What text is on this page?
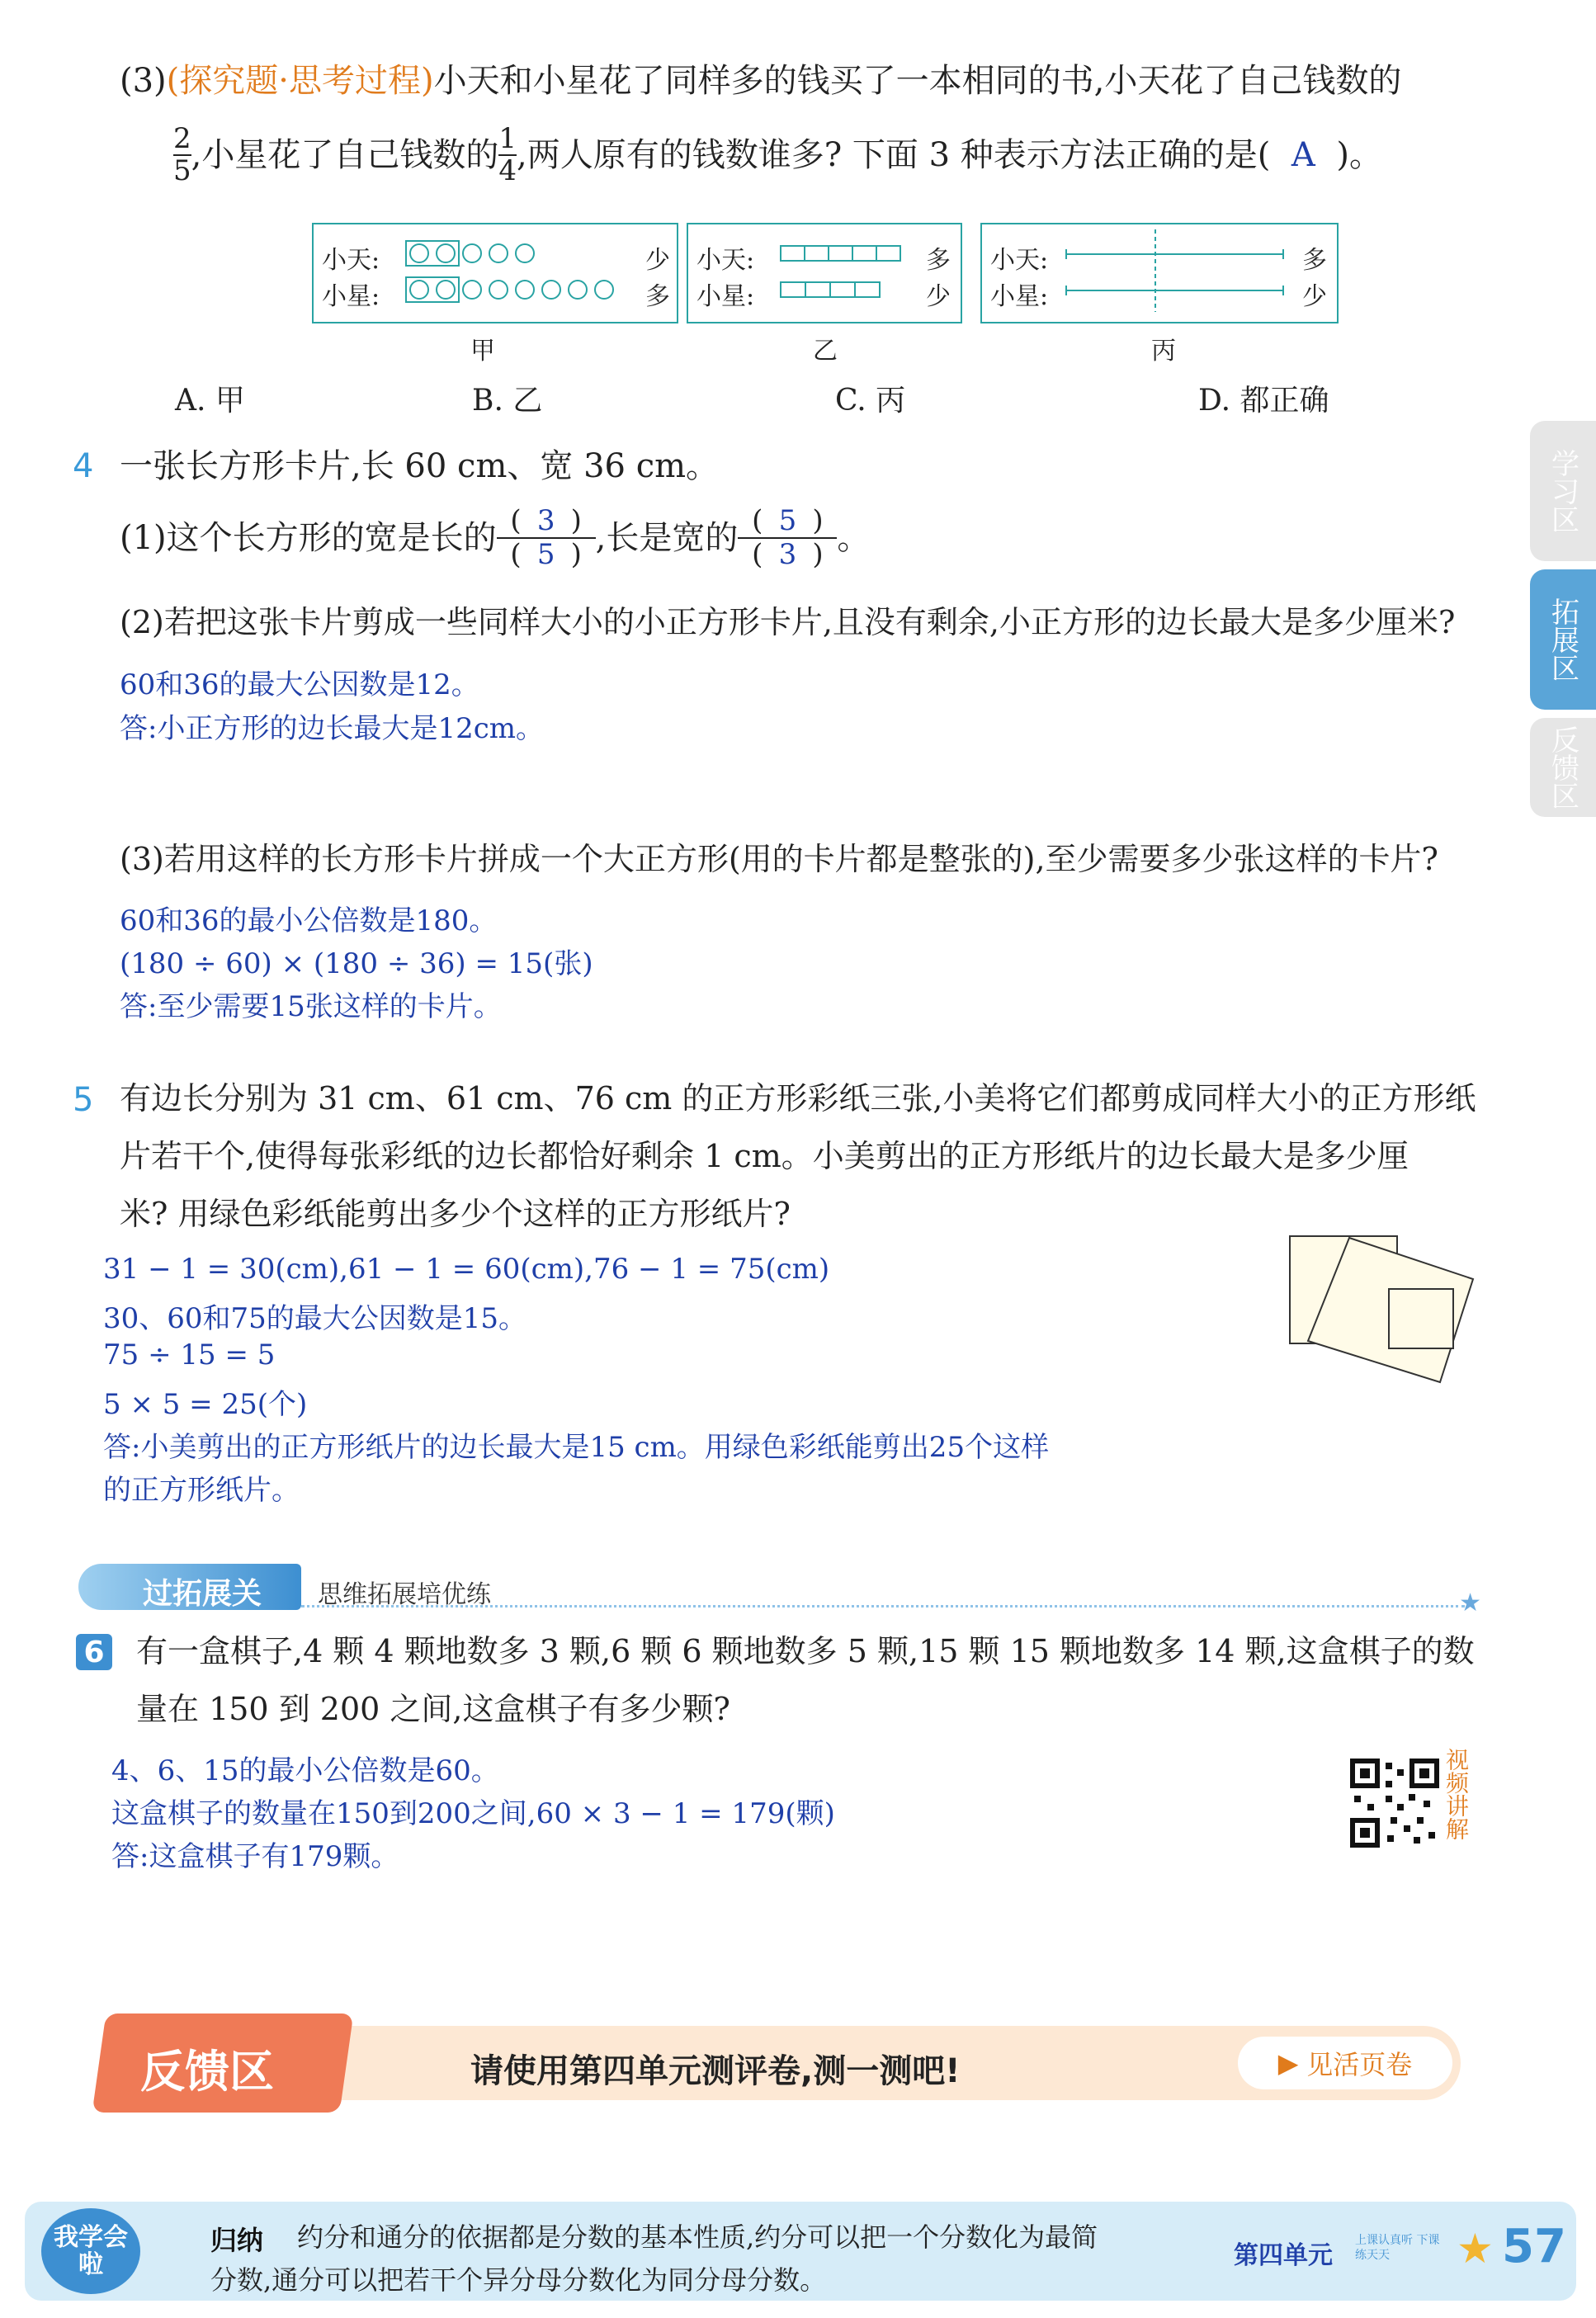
(3)(探究题·思考过程)小天和小星花了同样多的钱买了一本相同的书,小天花了自己钱数的
$\frac{2}{5}$ ,小星花了自己钱数的 $\frac{1}{4}$ ,两人原有的钱数谁多? 下面 3 种表示方法正确的是( A )。
小天:
小星:
少
多
甲
小天:
小星:
多
少
乙
小天:
小星:
多
少
丙
A. 甲	B. 乙	C. 丙	D. 都正确
4 一张长方形卡片,长 60 cm、宽 36 cm。
(1)这个长方形的宽是长的 ( 3 )
( 5 ) ,长是宽的 ( 5 )
( 3 ) 。
(2)若把这张卡片剪成一些同样大小的小正方形卡片,且没有剩余,小正方形的边长最大是多少厘米?
60和36的最大公因数是12。
答:小正方形的边长最大是12cm。
(3)若用这样的长方形卡片拼成一个大正方形(用的卡片都是整张的),至少需要多少张这样的卡片?
60和36的最小公倍数是180。
(180 ÷ 60) × (180 ÷ 36) = 15(张)
答:至少需要15张这样的卡片。
学习区
拓展区
反馈区
5 有边长分别为 31 cm、61 cm、76 cm 的正方形彩纸三张,小美将它们都剪成同样大小的正方形纸
片若干个,使得每张彩纸的边长都恰好剩余 1 cm。小美剪出的正方形纸片的边长最大是多少厘
米? 用绿色彩纸能剪出多少个这样的正方形纸片?
31 − 1 = 30(cm),61 − 1 = 60(cm),76 − 1 = 75(cm)
30、60和75的最大公因数是15。
75 ÷ 15 = 5
5 × 5 = 25(个)
答:小美剪出的正方形纸片的边长最大是15 cm。用绿色彩纸能剪出25个这样
的正方形纸片。
过拓展关 思维拓展培优练	★
6 有一盒棋子,4 颗 4 颗地数多 3 颗,6 颗 6 颗地数多 5 颗,15 颗 15 颗地数多 14 颗,这盒棋子的数
量在 150 到 200 之间,这盒棋子有多少颗?
4、6、15的最小公倍数是60。
这盒棋子的数量在150到200之间,60 × 3 − 1 = 179(颗)
答:这盒棋子有179颗。
视频讲解
反馈区	请使用第四单元测评卷,测一测吧!	▶ 见活页卷
我学会啦
归纳 约分和通分的依据都是分数的基本性质,约分可以把一个分数化为最简
分数,通分可以把若干个异分母分数化为同分母分数。
第四单元
上课认真听 下课练天天	★ 57
